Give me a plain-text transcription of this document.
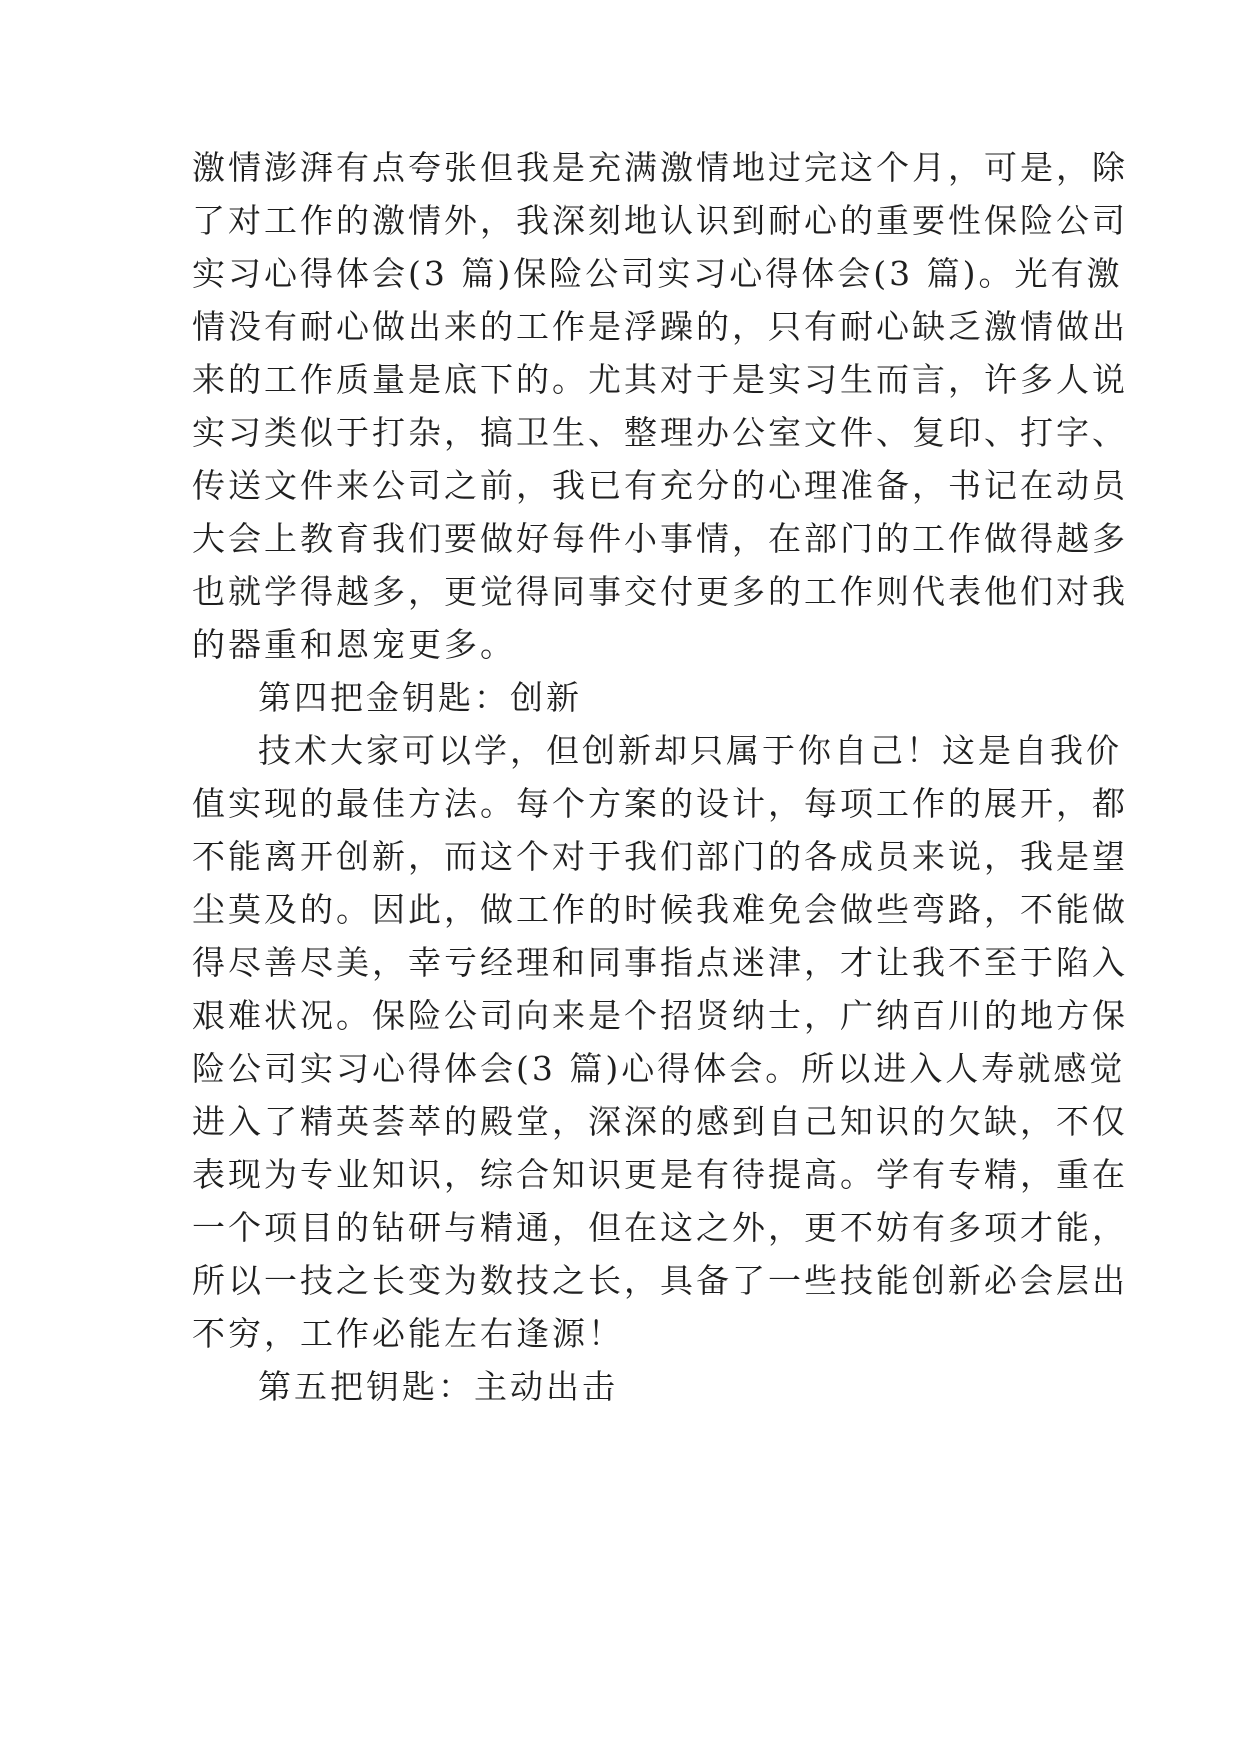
激情澎湃有点夸张但我是充满激情地过完这个月，可是，除
了对工作的激情外，我深刻地认识到耐心的重要性保险公司
实习心得体会(3 篇)保险公司实习心得体会(3 篇)。光有激
情没有耐心做出来的工作是浮躁的，只有耐心缺乏激情做出
来的工作质量是底下的。尤其对于是实习生而言，许多人说
实习类似于打杂，搞卫生、整理办公室文件、复印、打字、
传送文件来公司之前，我已有充分的心理准备，书记在动员
大会上教育我们要做好每件小事情，在部门的工作做得越多
也就学得越多，更觉得同事交付更多的工作则代表他们对我
的器重和恩宠更多。
第四把金钥匙：创新
技术大家可以学，但创新却只属于你自己！这是自我价
值实现的最佳方法。每个方案的设计，每项工作的展开，都
不能离开创新，而这个对于我们部门的各成员来说，我是望
尘莫及的。因此，做工作的时候我难免会做些弯路，不能做
得尽善尽美，幸亏经理和同事指点迷津，才让我不至于陷入
艰难状况。保险公司向来是个招贤纳士，广纳百川的地方保
险公司实习心得体会(3 篇)心得体会。所以进入人寿就感觉
进入了精英荟萃的殿堂，深深的感到自己知识的欠缺，不仅
表现为专业知识，综合知识更是有待提高。学有专精，重在
一个项目的钻研与精通，但在这之外，更不妨有多项才能，
所以一技之长变为数技之长，具备了一些技能创新必会层出
不穷，工作必能左右逢源！
第五把钥匙：主动出击
